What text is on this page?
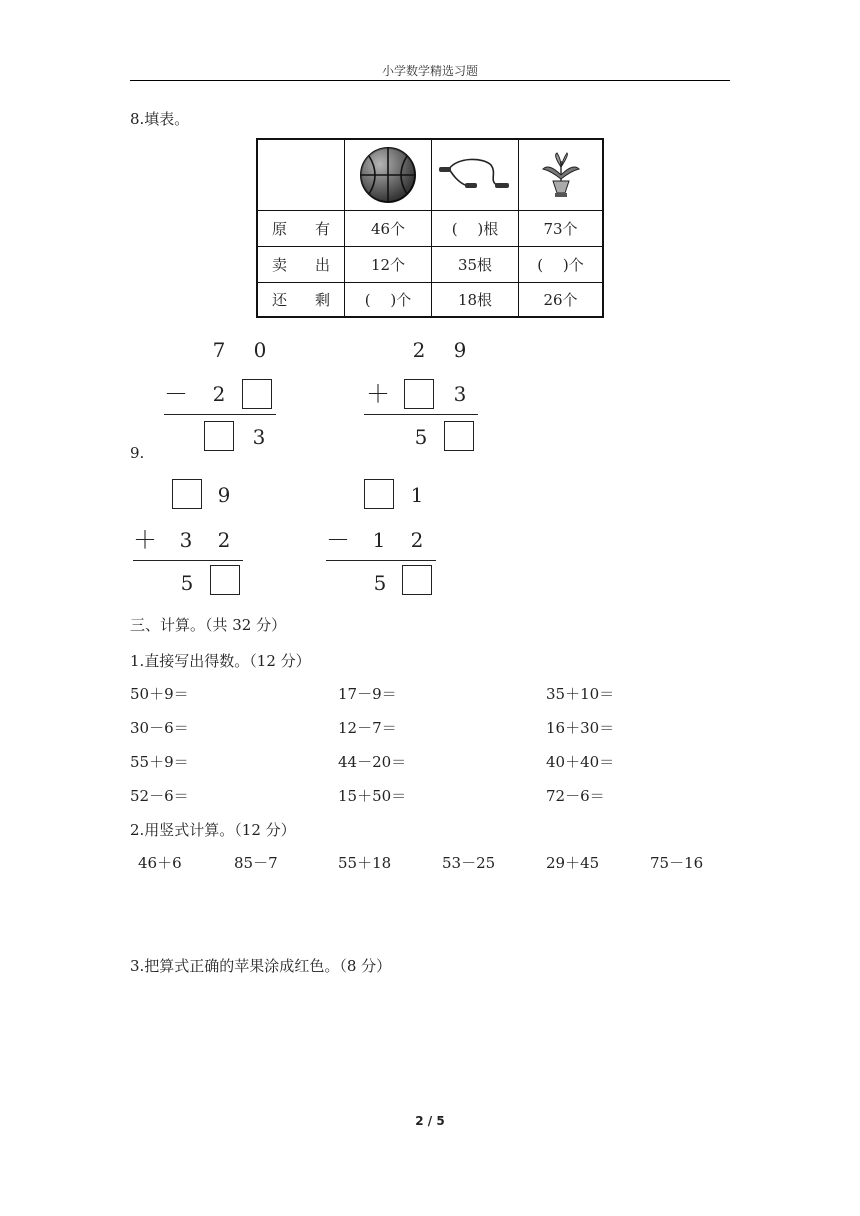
小学数学精选习题
8.填表。
原 有	46个	(　 )根	73个
卖 出	12个	35根	(　 )个
还 剩	(　 )个	18根	26个
9.
7 0
－ 2
3
2 9
＋	3
5
9
＋ 3 2
5
1
－ 1 2
5
三、计算。（共 32 分）
1.直接写出得数。（12 分）
50＋9＝	17－9＝	35＋10＝
30－6＝	12－7＝	16＋30＝
55＋9＝	44－20＝	40＋40＝
52－6＝	15＋50＝	72－6＝
2.用竖式计算。（12 分）
46＋6	85－7	55＋18	53－25	29＋45	75－16
3.把算式正确的苹果涂成红色。（8 分）
2 / 5
